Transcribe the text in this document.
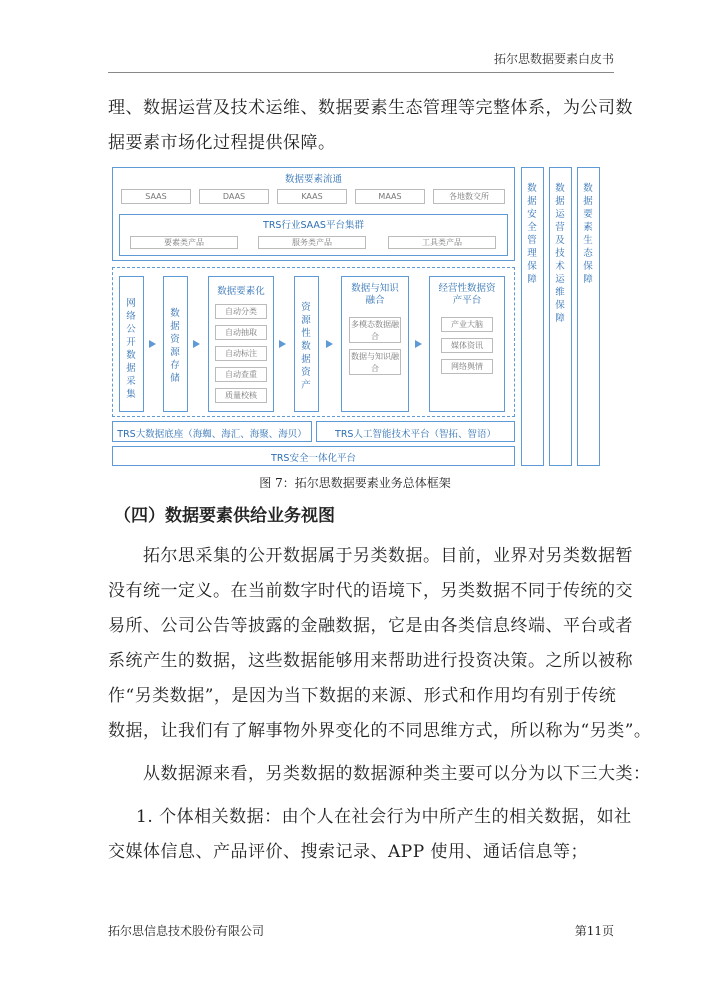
拓尔思数据要素白皮书
理、数据运营及技术运维、数据要素生态管理等完整体系，为公司数
据要素市场化过程提供保障。
数据要素流通
SAAS	DAAS	KAAS	MAAS	各地数交所
TRS行业SAAS平台集群
要素类产品	服务类产品	工具类产品
网络公开数据采集
数据资源存储
数据要素化
自动分类
自动抽取
自动标注
自动查重
质量校核
资源性数据资产
数据与知识融合
多模态数据融合
数据与知识融合
经营性数据资产平台
产业大脑
媒体资讯
网络舆情
TRS大数据底座（海蜘、海汇、海聚、海贝）	TRS人工智能技术平台（智拓、智语）
TRS安全一体化平台
数据安全管理保障
数据运营及技术运维保障
数据要素生态保障
图 7：拓尔思数据要素业务总体框架
（四）数据要素供给业务视图
拓尔思采集的公开数据属于另类数据。目前，业界对另类数据暂
没有统一定义。在当前数字时代的语境下，另类数据不同于传统的交
易所、公司公告等披露的金融数据，它是由各类信息终端、平台或者
系统产生的数据，这些数据能够用来帮助进行投资决策。之所以被称
作“另类数据”，是因为当下数据的来源、形式和作用均有别于传统
数据，让我们有了解事物外界变化的不同思维方式，所以称为“另类”。
从数据源来看，另类数据的数据源种类主要可以分为以下三大类：
1. 个体相关数据：由个人在社会行为中所产生的相关数据，如社
交媒体信息、产品评价、搜索记录、APP 使用、通话信息等；
拓尔思信息技术股份有限公司	第11页
